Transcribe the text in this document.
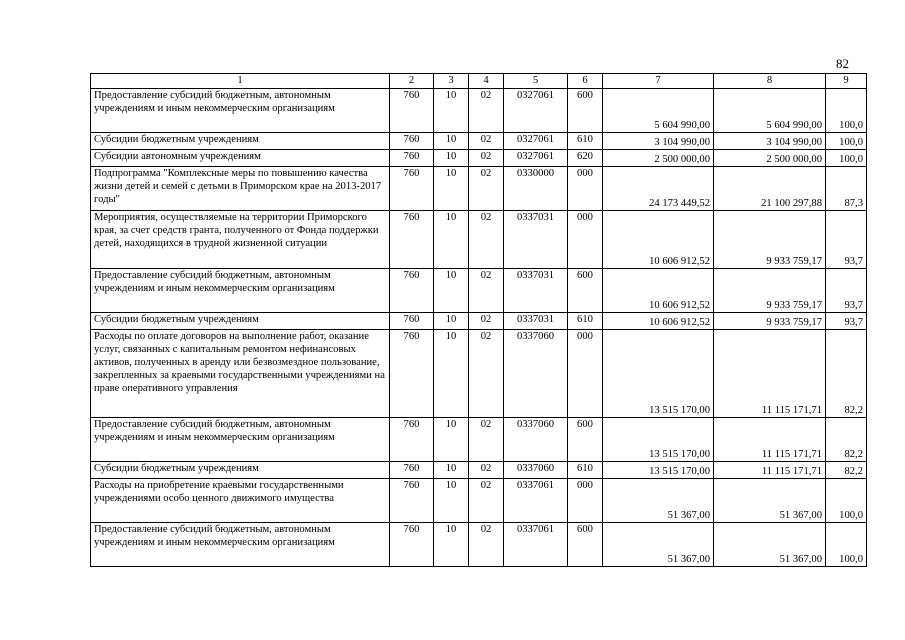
82
1	2	3	4	5	6	7	8	9
Предоставление субсидий бюджетным, автономным учреждениям и иным некоммерческим организациям	760	10	02	0327061	600	5 604 990,00	5 604 990,00	100,0
Субсидии бюджетным учреждениям	760	10	02	0327061	610	3 104 990,00	3 104 990,00	100,0
Субсидии автономным учреждениям	760	10	02	0327061	620	2 500 000,00	2 500 000,00	100,0
Подпрограмма "Комплексные меры по повышению качества жизни детей и семей с детьми в Приморском крае на 2013-2017 годы"	760	10	02	0330000	000	24 173 449,52	21 100 297,88	87,3
Мероприятия, осуществляемые на территории Приморского края, за счет средств гранта, полученного от Фонда поддержки детей, находящихся в трудной жизненной ситуации	760	10	02	0337031	000	10 606 912,52	9 933 759,17	93,7
Предоставление субсидий бюджетным, автономным учреждениям и иным некоммерческим организациям	760	10	02	0337031	600	10 606 912,52	9 933 759,17	93,7
Субсидии бюджетным учреждениям	760	10	02	0337031	610	10 606 912,52	9 933 759,17	93,7
Расходы по оплате договоров на выполнение работ, оказание услуг, связанных с капитальным ремонтом нефинансовых активов, полученных в аренду или безвозмездное пользование, закрепленных за краевыми государственными учреждениями на праве оперативного управления	760	10	02	0337060	000	13 515 170,00	11 115 171,71	82,2
Предоставление субсидий бюджетным, автономным учреждениям и иным некоммерческим организациям	760	10	02	0337060	600	13 515 170,00	11 115 171,71	82,2
Субсидии бюджетным учреждениям	760	10	02	0337060	610	13 515 170,00	11 115 171,71	82,2
Расходы на приобретение краевыми государственными учреждениями особо ценного движимого имущества	760	10	02	0337061	000	51 367,00	51 367,00	100,0
Предоставление субсидий бюджетным, автономным учреждениям и иным некоммерческим организациям	760	10	02	0337061	600	51 367,00	51 367,00	100,0
